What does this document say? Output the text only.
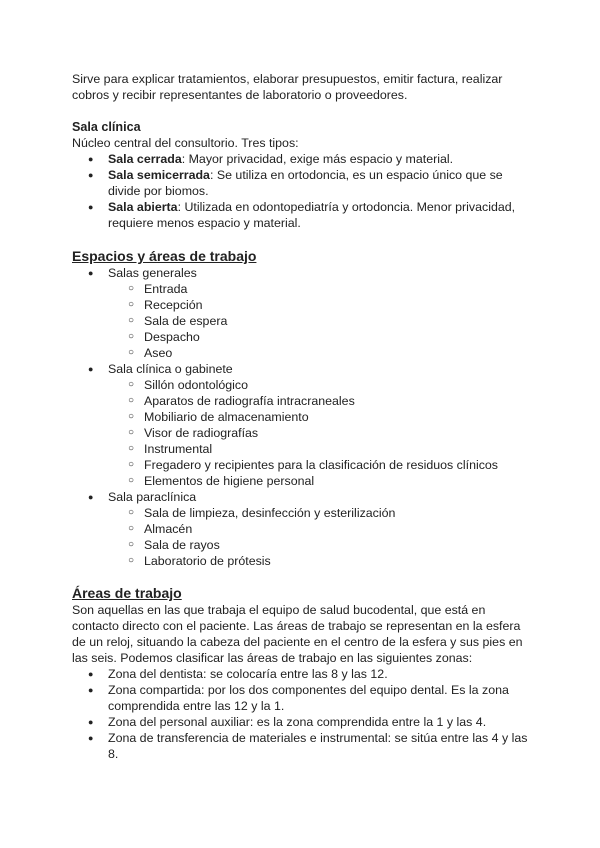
Sirve para explicar tratamientos, elaborar presupuestos, emitir factura, realizar cobros y recibir representantes de laboratorio o proveedores.

Sala clínica

Núcleo central del consultorio. Tres tipos:

● Sala cerrada: Mayor privacidad, exige más espacio y material.
● Sala semicerrada: Se utiliza en ortodoncia, es un espacio único que se divide por biomos.
● Sala abierta: Utilizada en odontopediatría y ortodoncia. Menor privacidad, requiere menos espacio y material.

Espacios y áreas de trabajo

● Salas generales
○ Entrada
○ Recepción
○ Sala de espera
○ Despacho
○ Aseo
● Sala clínica o gabinete
○ Sillón odontológico
○ Aparatos de radiografía intracraneales
○ Mobiliario de almacenamiento
○ Visor de radiografías
○ Instrumental
○ Fregadero y recipientes para la clasificación de residuos clínicos
○ Elementos de higiene personal
● Sala paraclínica
○ Sala de limpieza, desinfección y esterilización
○ Almacén
○ Sala de rayos
○ Laboratorio de prótesis

Áreas de trabajo

Son aquellas en las que trabaja el equipo de salud bucodental, que está en contacto directo con el paciente. Las áreas de trabajo se representan en la esfera de un reloj, situando la cabeza del paciente en el centro de la esfera y sus pies en las seis. Podemos clasificar las áreas de trabajo en las siguientes zonas:

● Zona del dentista: se colocaría entre las 8 y las 12.
● Zona compartida: por los dos componentes del equipo dental. Es la zona comprendida entre las 12 y la 1.
● Zona del personal auxiliar: es la zona comprendida entre la 1 y las 4.
● Zona de transferencia de materiales e instrumental: se sitúa entre las 4 y las 8.
